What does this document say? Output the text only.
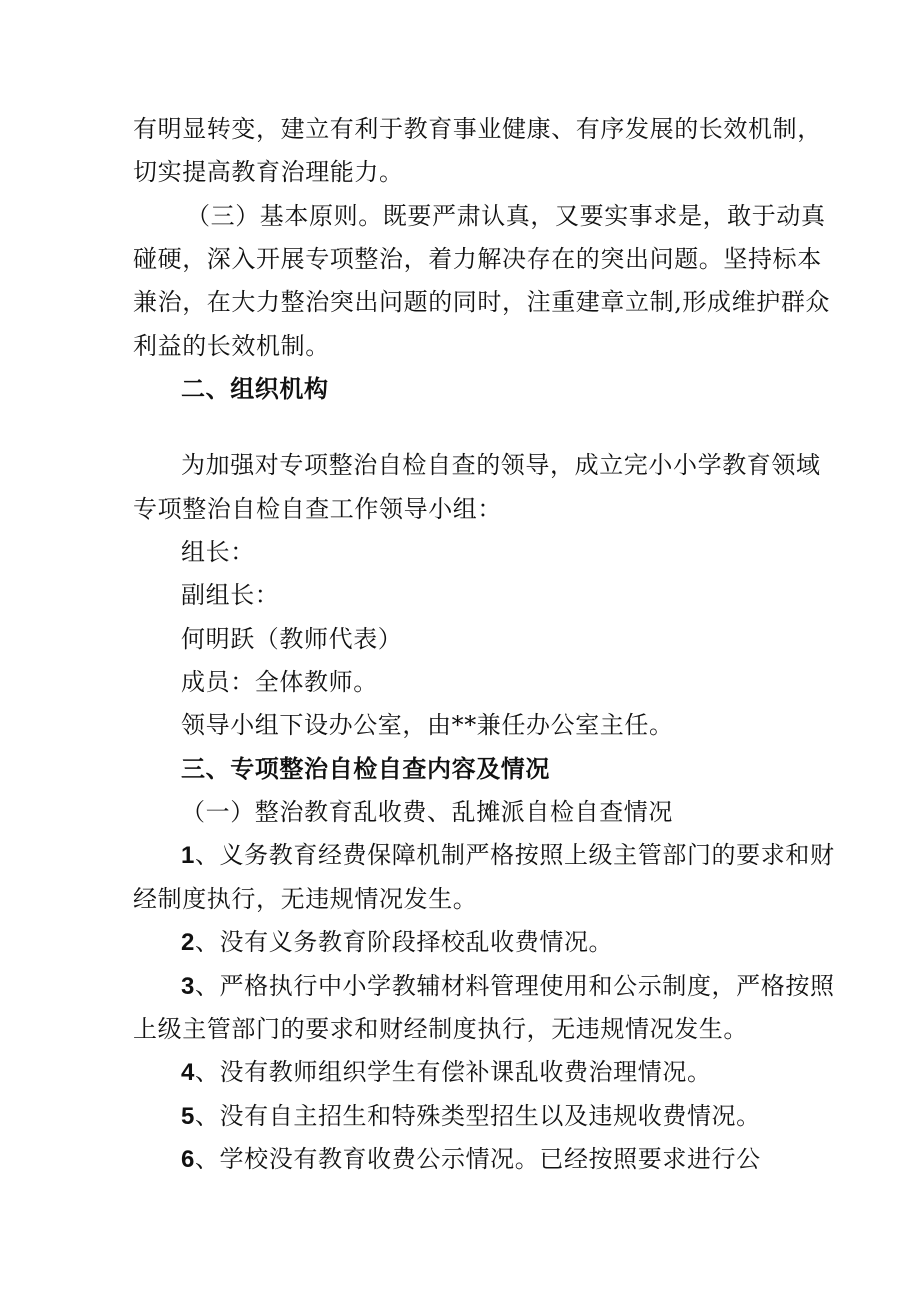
有明显转变，建立有利于教育事业健康、有序发展的长效机制，
切实提高教育治理能力。
（三）基本原则。既要严肃认真，又要实事求是，敢于动真
碰硬，深入开展专项整治，着力解决存在的突出问题。坚持标本
兼治，在大力整治突出问题的同时，注重建章立制,形成维护群众
利益的长效机制。
二、组织机构
为加强对专项整治自检自查的领导，成立完小小学教育领域
专项整治自检自查工作领导小组：
组长：
副组长：
何明跃（教师代表）
成员：全体教师。
领导小组下设办公室，由**兼任办公室主任。
三、专项整治自检自查内容及情况
（一）整治教育乱收费、乱摊派自检自查情况
1、义务教育经费保障机制严格按照上级主管部门的要求和财
经制度执行，无违规情况发生。
2、没有义务教育阶段择校乱收费情况。
3、严格执行中小学教辅材料管理使用和公示制度，严格按照
上级主管部门的要求和财经制度执行，无违规情况发生。
4、没有教师组织学生有偿补课乱收费治理情况。
5、没有自主招生和特殊类型招生以及违规收费情况。
6、学校没有教育收费公示情况。已经按照要求进行公
